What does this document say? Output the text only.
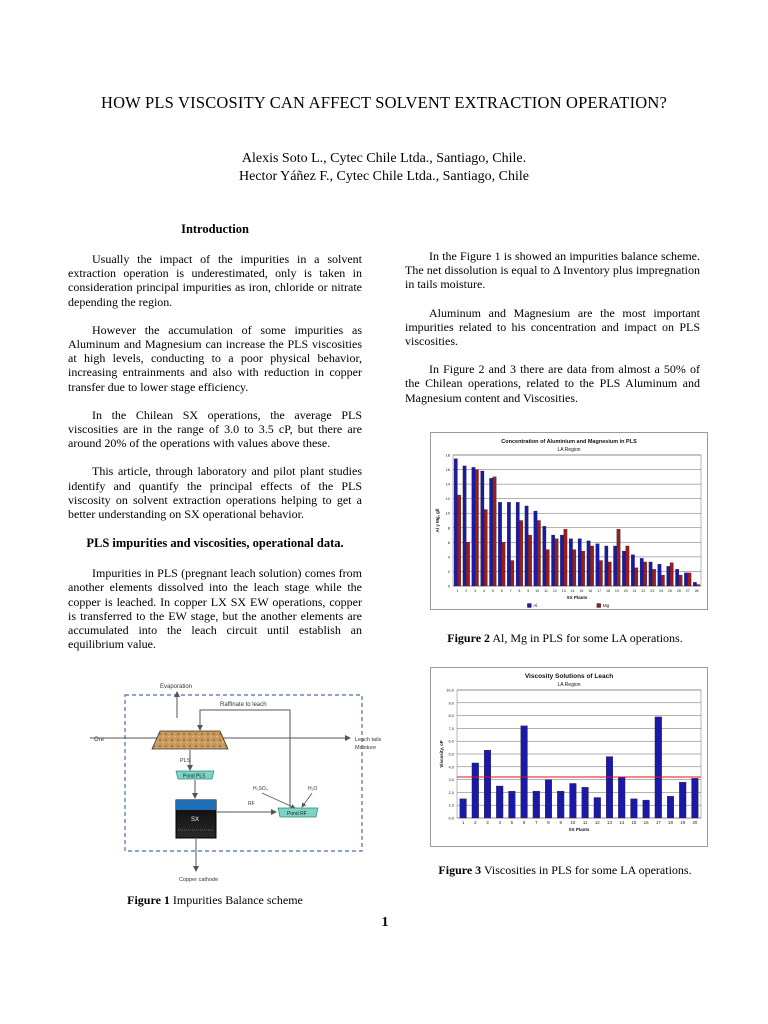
HOW PLS VISCOSITY CAN AFFECT SOLVENT EXTRACTION OPERATION?
Alexis Soto L., Cytec Chile Ltda., Santiago, Chile.
Hector Yáñez F., Cytec Chile Ltda., Santiago, Chile
Introduction

Usually the impact of the impurities in a solvent extraction operation is underestimated, only is taken in consideration principal impurities as iron, chloride or nitrate depending the region.

However the accumulation of some impurities as Aluminum and Magnesium can increase the PLS viscosities at high levels, conducting to a poor physical behavior, increasing entrainments and also with reduction in copper transfer due to lower stage efficiency.

In the Chilean SX operations, the average PLS viscosities are in the range of 3.0 to 3.5 cP, but there are around 20% of the operations with values above these.

This article, through laboratory and pilot plant studies identify and quantify the principal effects of the PLS viscosity on solvent extraction operations helping to get a better understanding on SX operational behavior.

PLS impurities and viscosities, operational data.

Impurities in PLS (pregnant leach solution) comes from another elements dissolved into the leach stage while the copper is leached. In copper LX SX EW operations, copper is transferred to the EW stage, but the another elements are accumulated into the leach circuit until establish an equilibrium value.

Evaporation
Raffinate to leach
Ore	Leach tails
Moisture
PLS
Pond PLS
H₂SO₄	H₂O
SX
RF
Pond RF
Copper cathode
Figure 1 Impurities Balance scheme

In the Figure 1 is showed an impurities balance scheme. The net dissolution is equal to Δ Inventory plus impregnation in tails moisture.

Aluminum and Magnesium are the most important impurities related to his concentration and impact on PLS viscosities.

In Figure 2 and 3 there are data from almost a 50% of the Chilean operations, related to the PLS Aluminum and Magnesium content and Viscosities.

Concentration of Aluminium and Magnesium in PLS
LA Region
0
2
4
6
8
10
12
14
16
18
1 2 3 4 5 6 7 8 9 10 11 12 13 14 15 16 17 18 19 20 21 22 23 24 25 26 27 28
SX Plants
Al y Mg, g/l
Al	Mg
Figure 2 Al, Mg in PLS for some LA operations.
Viscosity Solutions of Leach
LA Region
0,0
1,0
2,0
3,0
4,0
5,0
6,0
7,0
8,0
9,0
10,0
1 2 3 4 5 6 7 8 9 10 11 12 13 14 15 16 17 18 19 20
SX Plants
Viscosity, cP
Figure 3 Viscosities in PLS for some LA operations.
1
